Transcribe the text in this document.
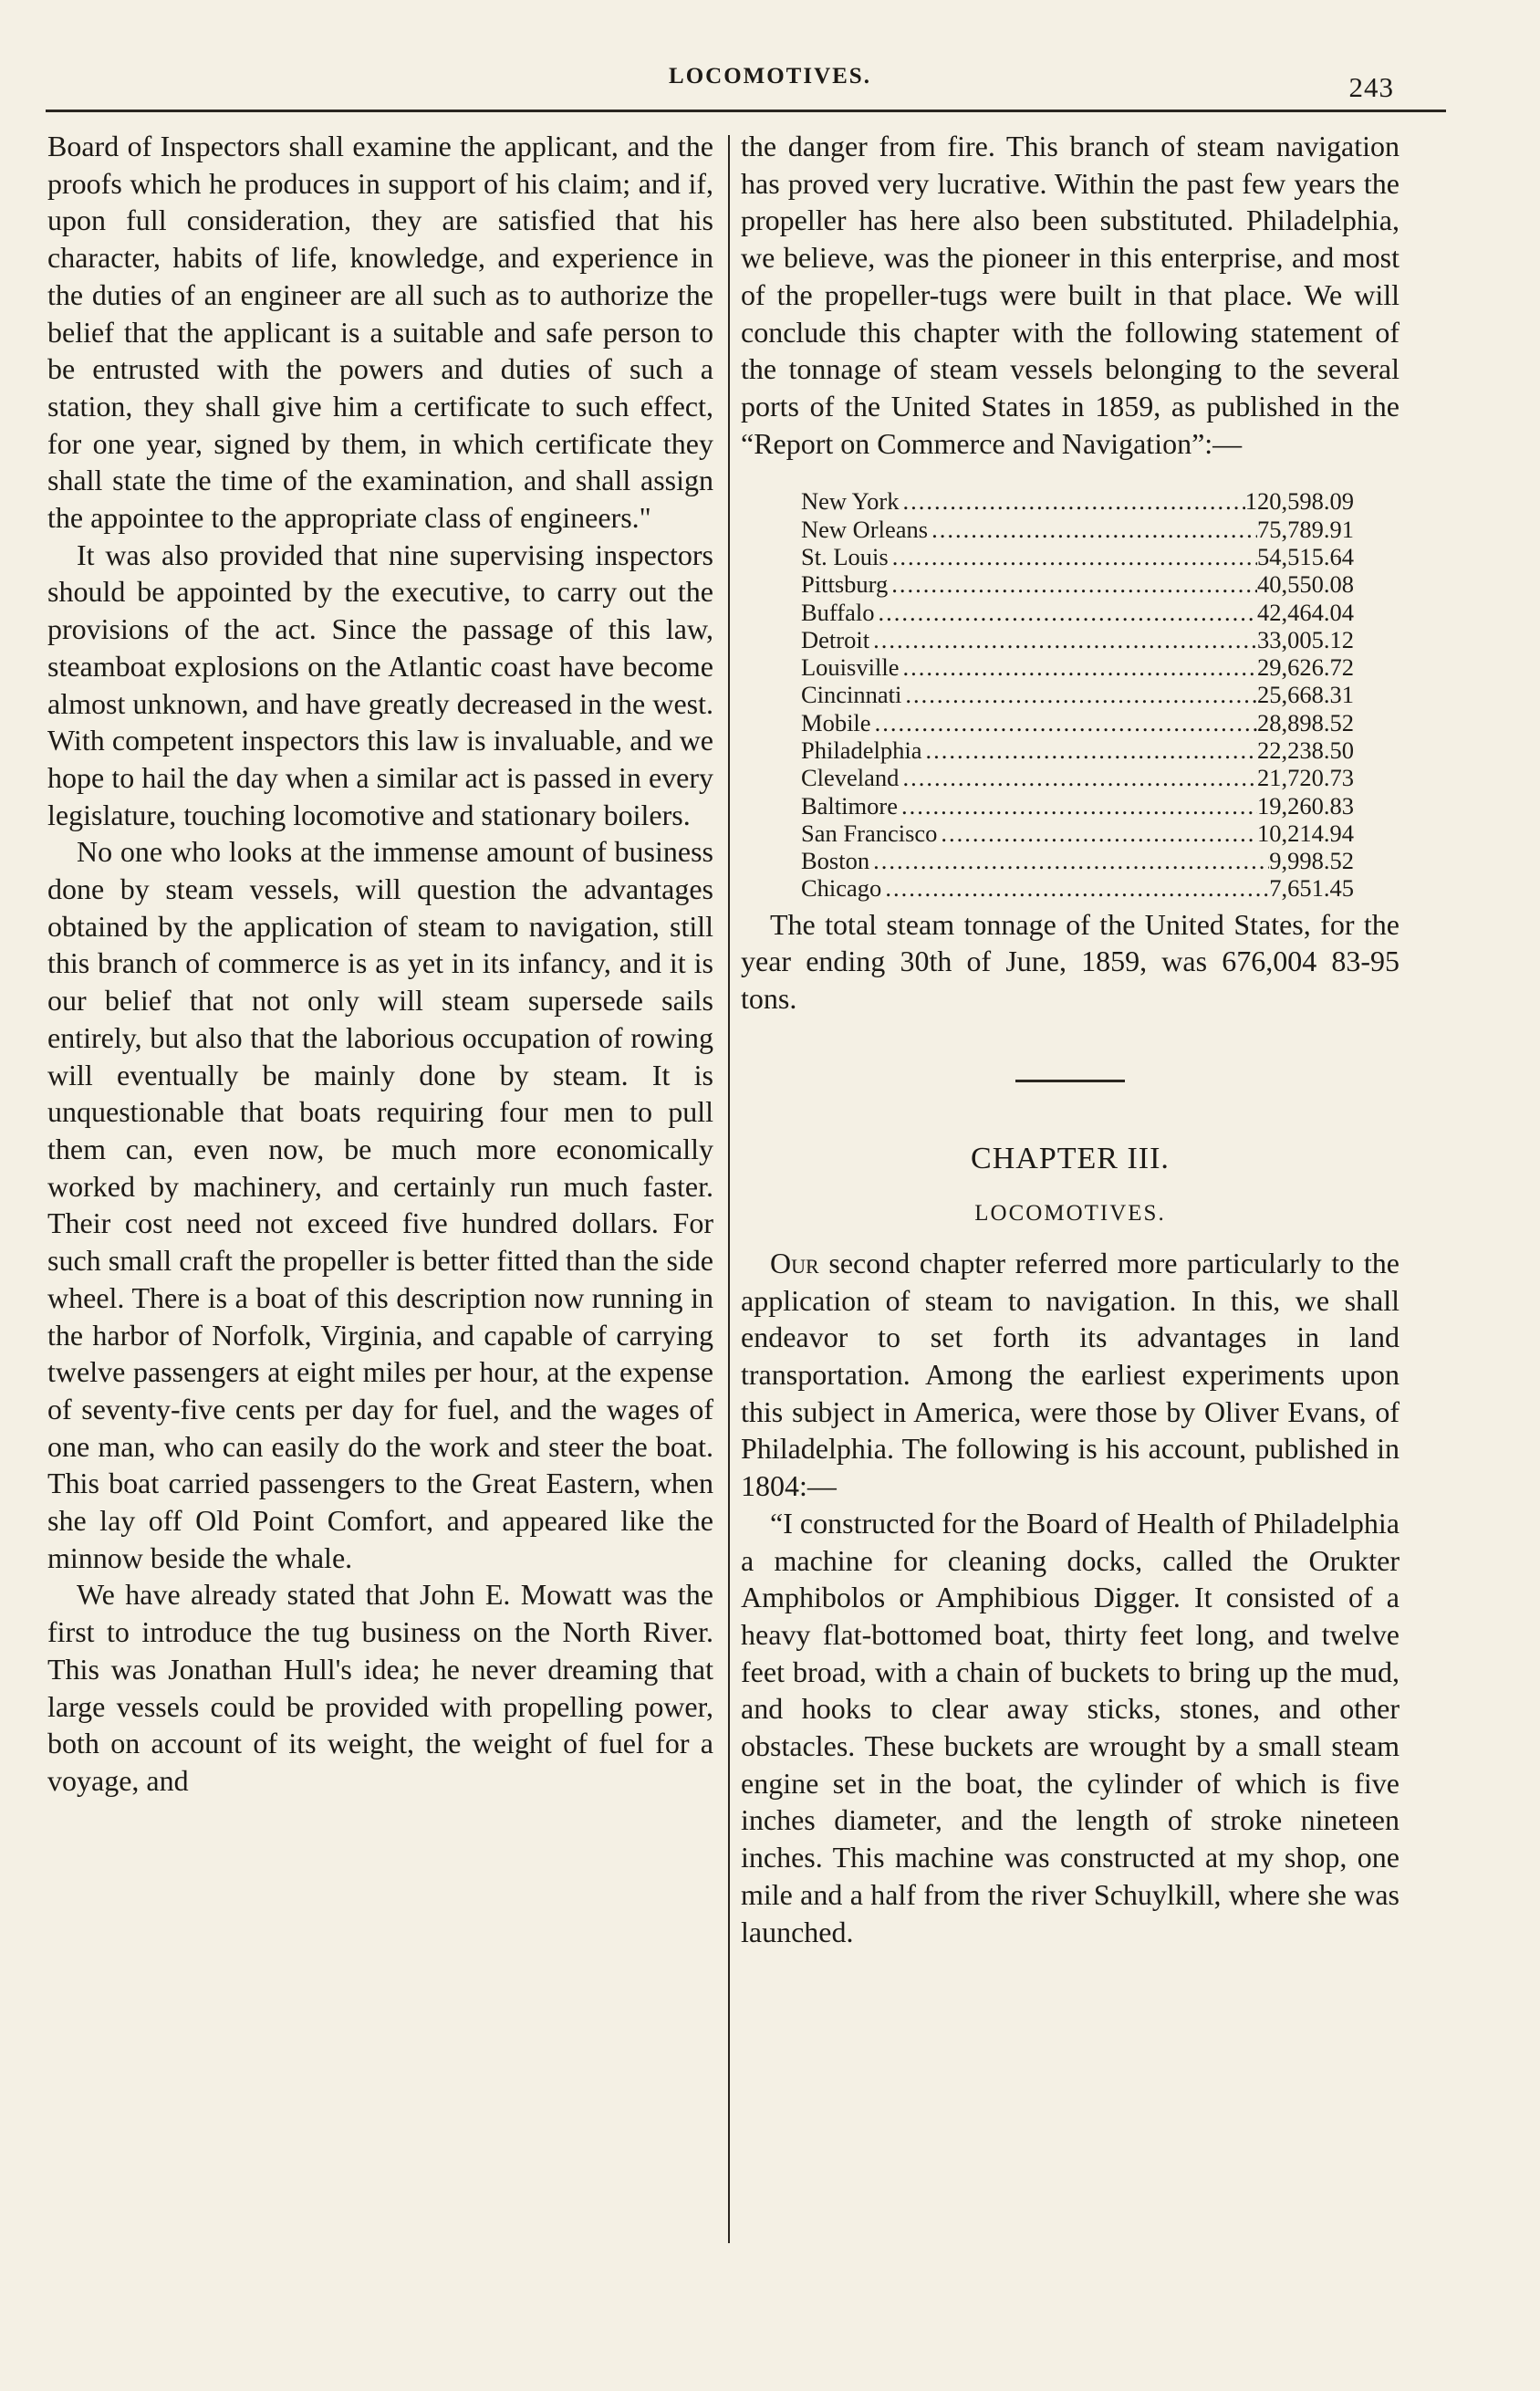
LOCOMOTIVES.	243

Board of Inspectors shall examine the applicant, and the proofs which he produces in support of his claim; and if, upon full consideration, they are satisfied that his character, habits of life, knowledge, and experience in the duties of an engineer are all such as to authorize the belief that the applicant is a suitable and safe person to be entrusted with the powers and duties of such a station, they shall give him a certificate to such effect, for one year, signed by them, in which certificate they shall state the time of the examination, and shall assign the appointee to the appropriate class of engineers."

It was also provided that nine supervising inspectors should be appointed by the executive, to carry out the provisions of the act. Since the passage of this law, steamboat explosions on the Atlantic coast have become almost unknown, and have greatly decreased in the west. With competent inspectors this law is invaluable, and we hope to hail the day when a similar act is passed in every legislature, touching locomotive and stationary boilers.

No one who looks at the immense amount of business done by steam vessels, will question the advantages obtained by the application of steam to navigation, still this branch of commerce is as yet in its infancy, and it is our belief that not only will steam supersede sails entirely, but also that the laborious occupation of rowing will eventually be mainly done by steam. It is unquestionable that boats requiring four men to pull them can, even now, be much more economically worked by machinery, and certainly run much faster. Their cost need not exceed five hundred dollars. For such small craft the propeller is better fitted than the side wheel. There is a boat of this description now running in the harbor of Norfolk, Virginia, and capable of carrying twelve passengers at eight miles per hour, at the expense of seventy-five cents per day for fuel, and the wages of one man, who can easily do the work and steer the boat. This boat carried passengers to the Great Eastern, when she lay off Old Point Comfort, and appeared like the minnow beside the whale.

We have already stated that John E. Mowatt was the first to introduce the tug business on the North River. This was Jonathan Hull's idea; he never dreaming that large vessels could be provided with propelling power, both on account of its weight, the weight of fuel for a voyage, and

the danger from fire. This branch of steam navigation has proved very lucrative. Within the past few years the propeller has here also been substituted. Philadelphia, we believe, was the pioneer in this enterprise, and most of the propeller-tugs were built in that place. We will conclude this chapter with the following statement of the tonnage of steam vessels belonging to the several ports of the United States in 1859, as published in the “Report on Commerce and Navigation”:—

New York .....	120,598.09
New Orleans .....	75,789.91
St. Louis .....	54,515.64
Pittsburg .....	40,550.08
Buffalo .....	42,464.04
Detroit .....	33,005.12
Louisville .....	29,626.72
Cincinnati .....	25,668.31
Mobile .....	28,898.52
Philadelphia .....	22,238.50
Cleveland .....	21,720.73
Baltimore .....	19,260.83
San Francisco .....	10,214.94
Boston .....	9,998.52
Chicago .....	7,651.45

The total steam tonnage of the United States, for the year ending 30th of June, 1859, was 676,004 83-95 tons.

CHAPTER III.
LOCOMOTIVES.

Our second chapter referred more particularly to the application of steam to navigation. In this, we shall endeavor to set forth its advantages in land transportation. Among the earliest experiments upon this subject in America, were those by Oliver Evans, of Philadelphia. The following is his account, published in 1804:—

“I constructed for the Board of Health of Philadelphia a machine for cleaning docks, called the Orukter Amphibolos or Amphibious Digger. It consisted of a heavy flat-bottomed boat, thirty feet long, and twelve feet broad, with a chain of buckets to bring up the mud, and hooks to clear away sticks, stones, and other obstacles. These buckets are wrought by a small steam engine set in the boat, the cylinder of which is five inches diameter, and the length of stroke nineteen inches. This machine was constructed at my shop, one mile and a half from the river Schuylkill, where she was launched.
